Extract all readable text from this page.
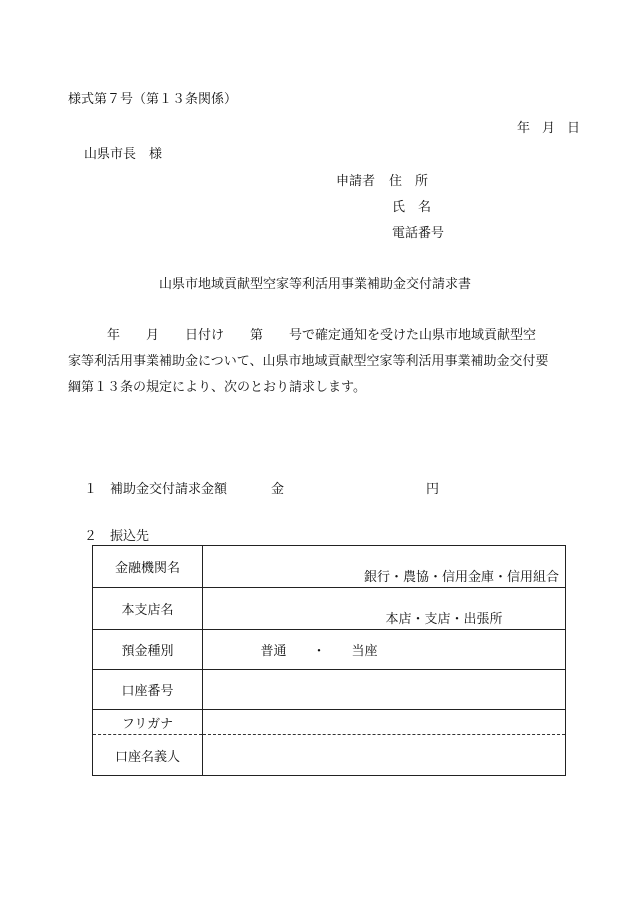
様式第７号（第１３条関係）
年 月 日
山県市長　様
申請者 住　所
氏　名
電話番号
山県市地域貢献型空家等利活用事業補助金交付請求書
　　　年　　月　　日付け　　第　　号で確定通知を受けた山県市地域貢献型空
家等利活用事業補助金について、山県市地域貢献型空家等利活用事業補助金交付要
綱第１３条の規定により、次のとおり請求します。
１　補助金交付請求金額	金	円
２　振込先
金融機関名	銀行・農協・信用金庫・信用組合
本支店名	本店・支店・出張所
預金種別	普通　　・　　当座
口座番号	
フリガナ	
口座名義人	
